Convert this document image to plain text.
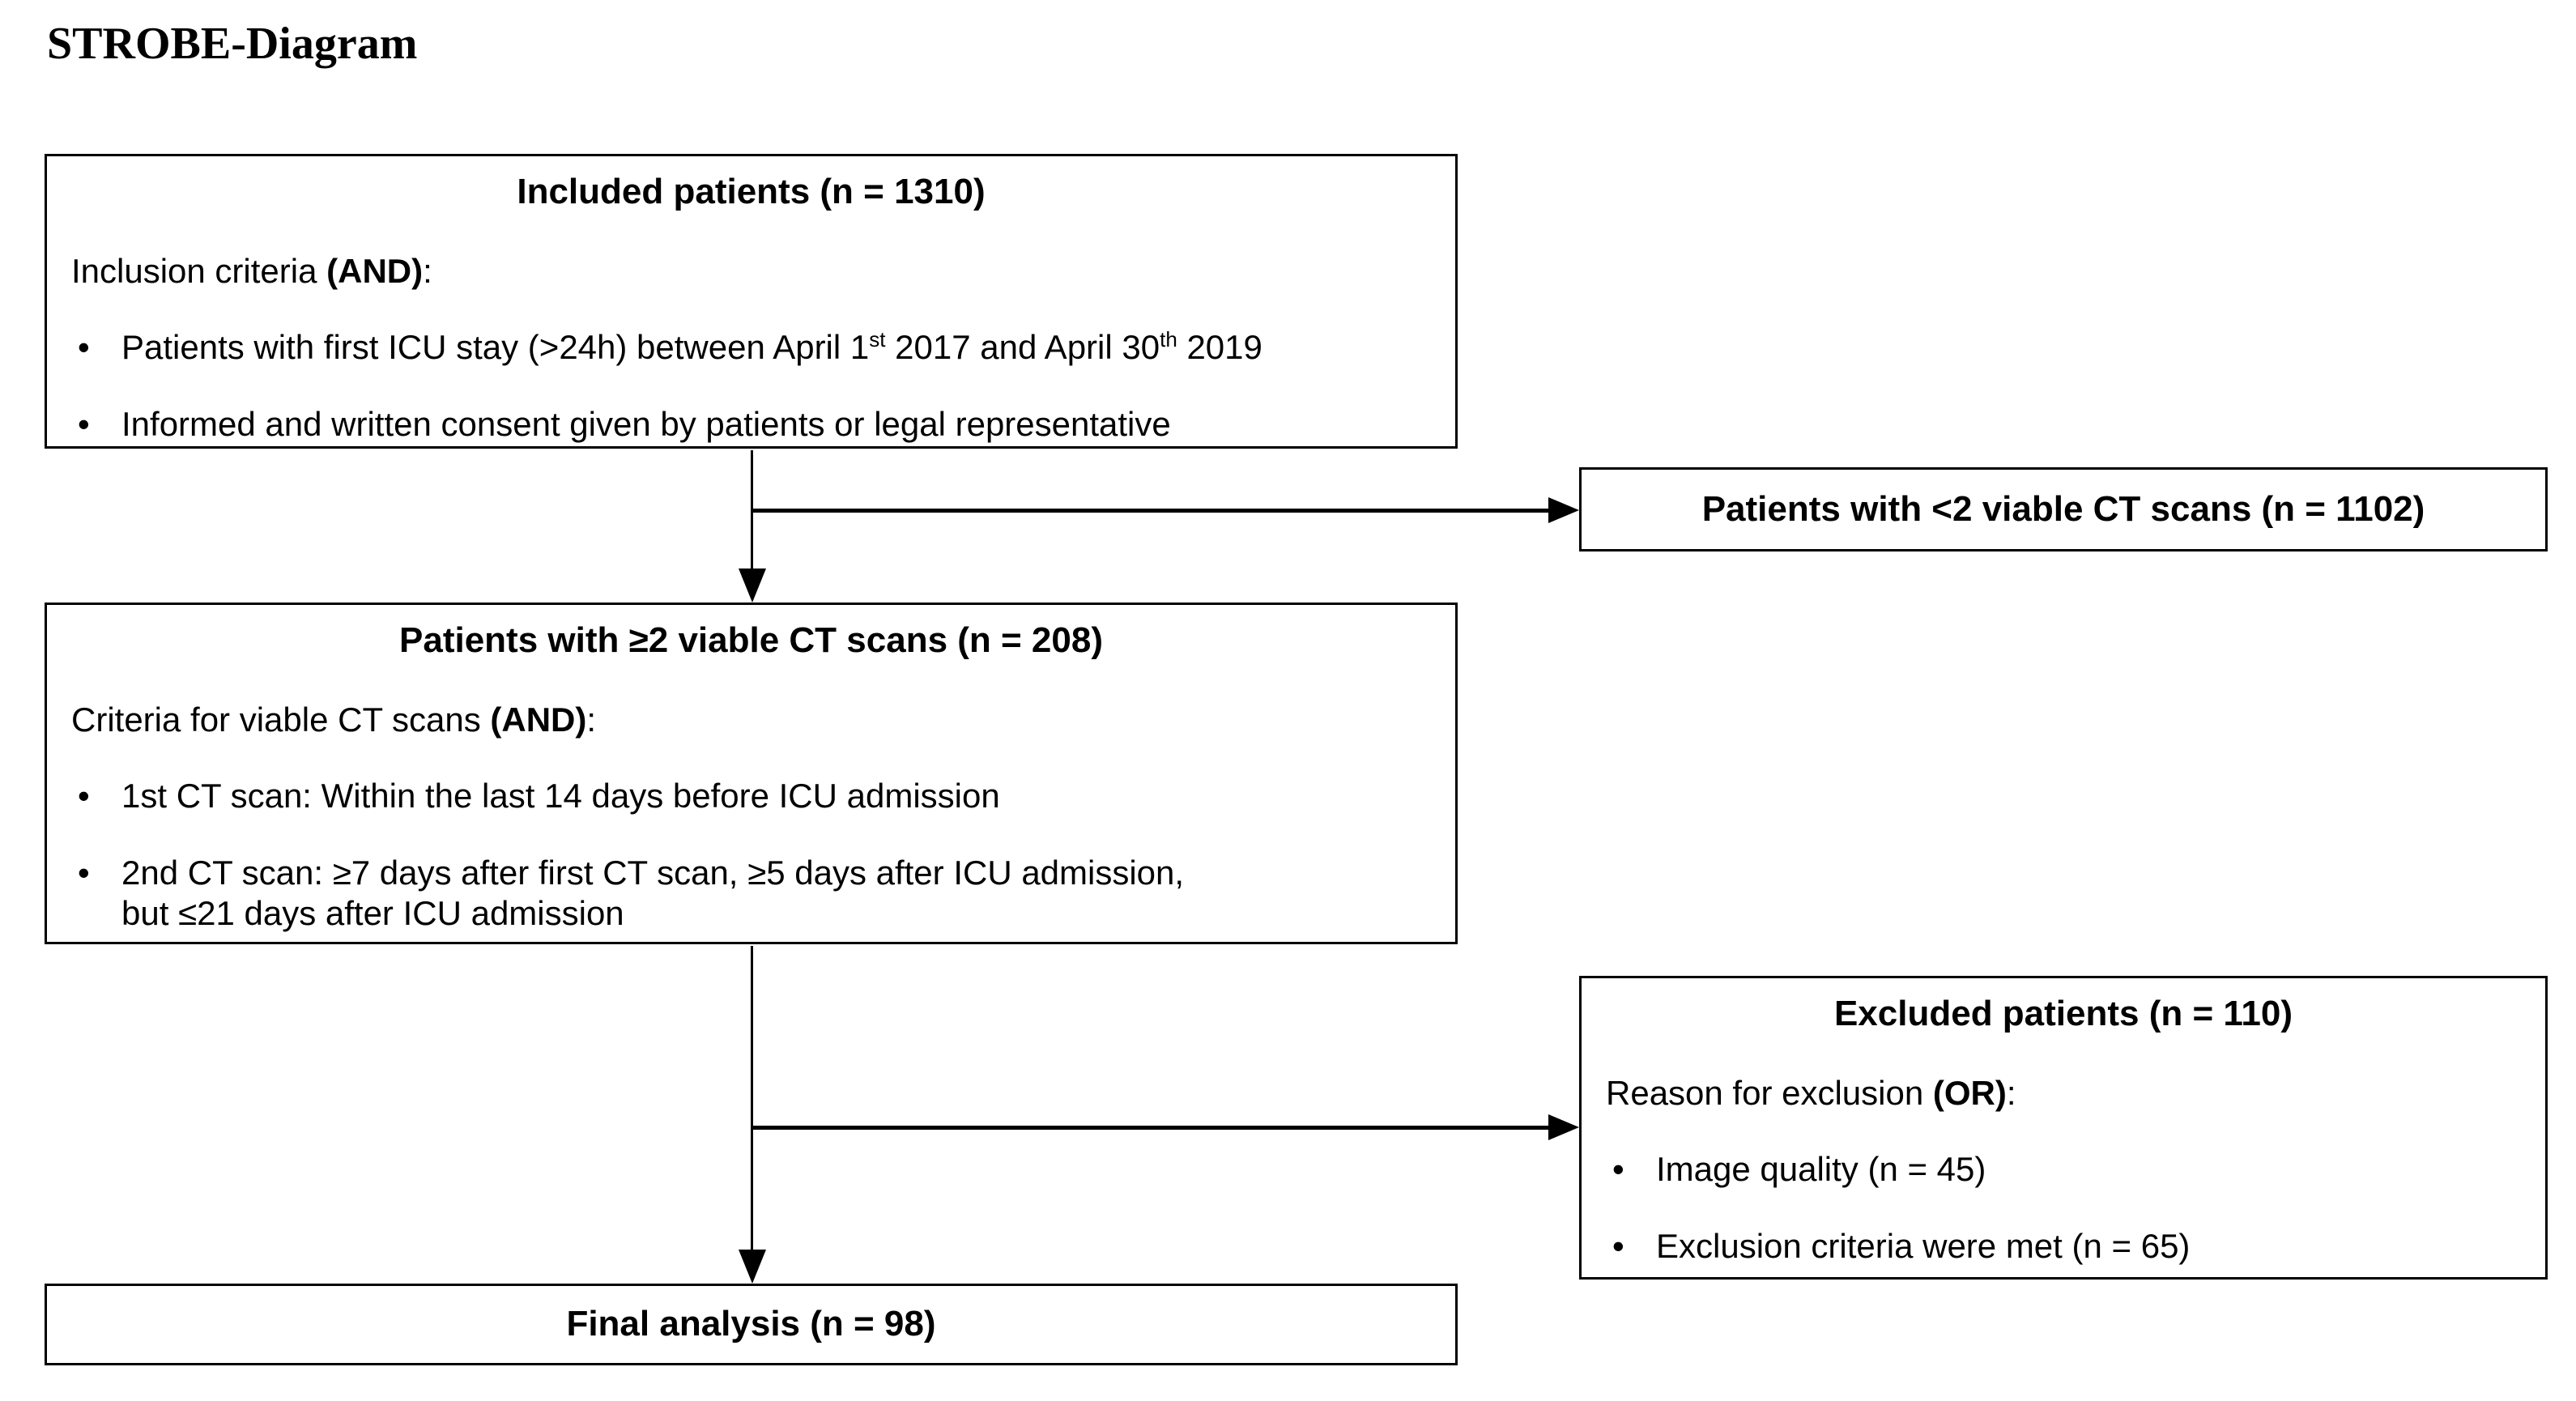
STROBE-Diagram
Included patients (n = 1310)
Inclusion criteria (AND):
• Patients with first ICU stay (>24h) between April 1st 2017 and April 30th 2019
• Informed and written consent given by patients or legal representative
Patients with <2 viable CT scans (n = 1102)
Patients with ≥2 viable CT scans (n = 208)
Criteria for viable CT scans (AND):
• 1st CT scan: Within the last 14 days before ICU admission
• 2nd CT scan: ≥7 days after first CT scan, ≥5 days after ICU admission,
but ≤21 days after ICU admission
Excluded patients (n = 110)
Reason for exclusion (OR):
• Image quality (n = 45)
• Exclusion criteria were met (n = 65)
Final analysis (n = 98)
